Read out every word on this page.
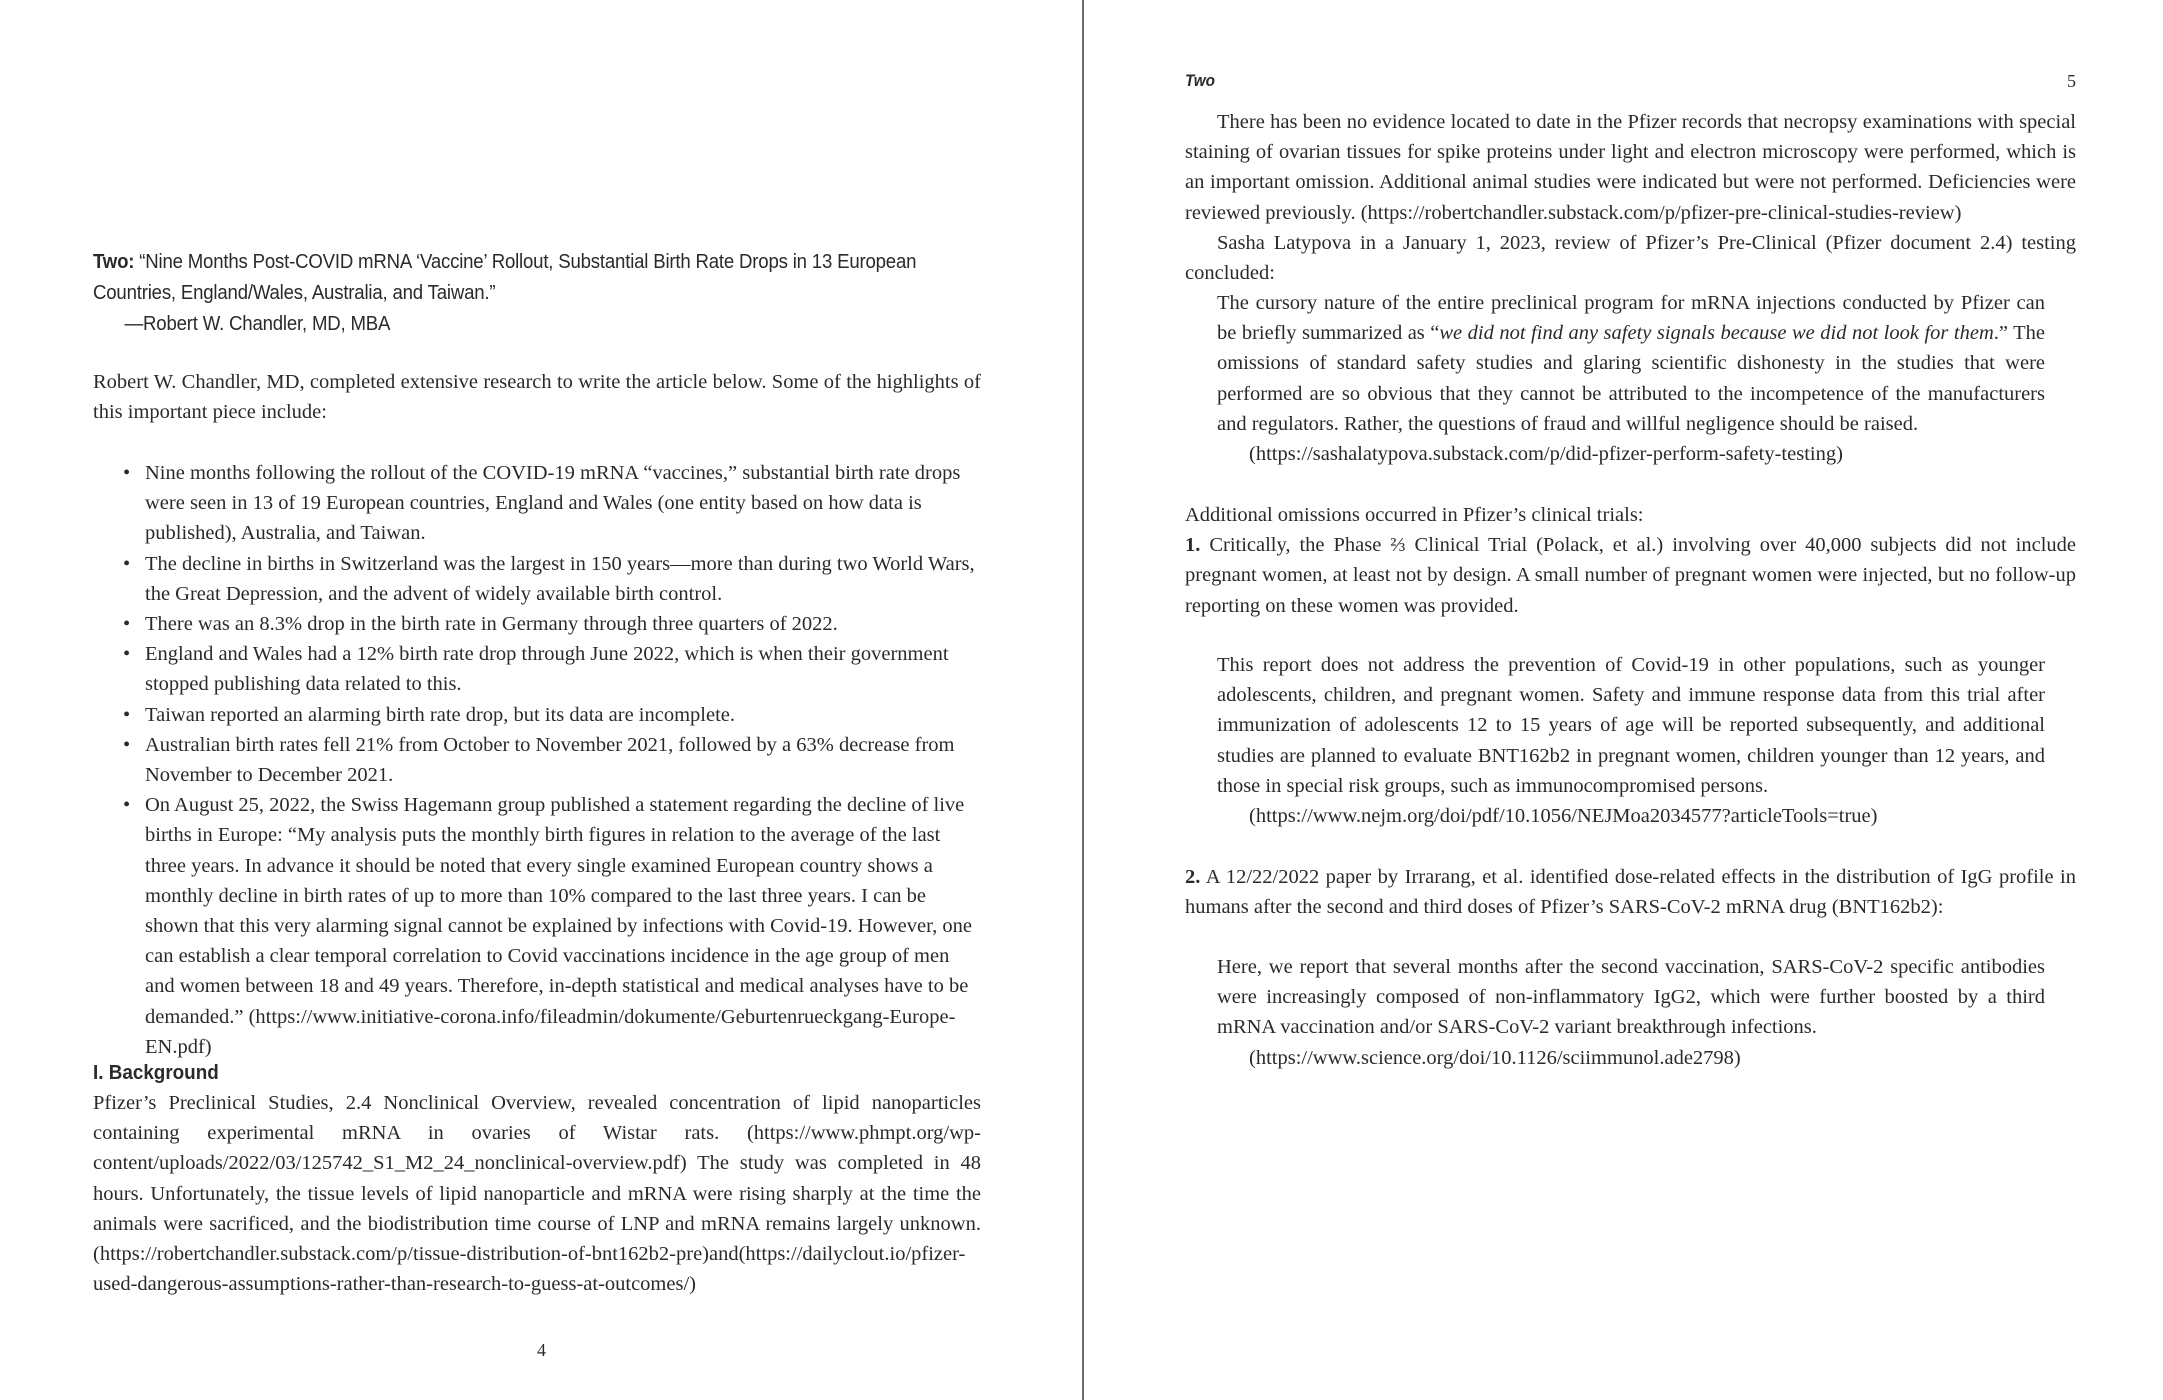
Two: “Nine Months Post-COVID mRNA ‘Vaccine’ Rollout, Substantial Birth Rate Drops in 13 European Countries, England/Wales, Australia, and Taiwan.”
—Robert W. Chandler, MD, MBA

Robert W. Chandler, MD, completed extensive research to write the article below. Some of the highlights of this important piece include:

• Nine months following the rollout of the COVID-19 mRNA “vaccines,” substantial birth rate drops were seen in 13 of 19 European countries, England and Wales (one entity based on how data is published), Australia, and Taiwan.
• The decline in births in Switzerland was the largest in 150 years—more than during two World Wars, the Great Depression, and the advent of widely available birth control.
• There was an 8.3% drop in the birth rate in Germany through three quarters of 2022.
• England and Wales had a 12% birth rate drop through June 2022, which is when their government stopped publishing data related to this.
• Taiwan reported an alarming birth rate drop, but its data are incomplete.
• Australian birth rates fell 21% from October to November 2021, followed by a 63% decrease from November to December 2021.
• On August 25, 2022, the Swiss Hagemann group published a statement regarding the decline of live births in Europe: “My analysis puts the monthly birth figures in relation to the average of the last three years. In advance it should be noted that every single examined European country shows a monthly decline in birth rates of up to more than 10% compared to the last three years. I can be shown that this very alarming signal cannot be explained by infections with Covid-19. However, one can establish a clear temporal correlation to Covid vaccinations incidence in the age group of men and women between 18 and 49 years. Therefore, in-depth statistical and medical analyses have to be demanded.” (https://www.initiative-corona.info/fileadmin/dokumente/Geburtenrueckgang-Europe-EN.pdf)
I. Background

Pfizer’s Preclinical Studies, 2.4 Nonclinical Overview, revealed concentration of lipid nanoparticles containing experimental mRNA in ovaries of Wistar rats. (https://www.phmpt.org/wp-content/uploads/2022/03/125742_S1_M2_24_nonclinical-overview.pdf) The study was completed in 48 hours. Unfortunately, the tissue levels of lipid nanoparticle and mRNA were rising sharply at the time the animals were sacrificed, and the biodistribution time course of LNP and mRNA remains largely unknown. (https://robertchandler.substack.com/p/tissue-distribution-of-bnt162b2-pre)and(https://dailyclout.io/pfizer-used-dangerous-assumptions-rather-than-research-to-guess-at-outcomes/)

4
Two	5

There has been no evidence located to date in the Pfizer records that necropsy examinations with special staining of ovarian tissues for spike proteins under light and electron microscopy were performed, which is an important omission. Additional animal studies were indicated but were not performed. Deficiencies were reviewed previously. (https://robertchandler.substack.com/p/pfizer-pre-clinical-studies-review)

Sasha Latypova in a January 1, 2023, review of Pfizer’s Pre-Clinical (Pfizer document 2.4) testing concluded:

The cursory nature of the entire preclinical program for mRNA injections conducted by Pfizer can be briefly summarized as “we did not find any safety signals because we did not look for them.” The omissions of standard safety studies and glaring scientific dishonesty in the studies that were performed are so obvious that they cannot be attributed to the incompetence of the manufacturers and regulators. Rather, the questions of fraud and willful negligence should be raised.
(https://sashalatypova.substack.com/p/did-pfizer-perform-safety-testing)
Additional omissions occurred in Pfizer’s clinical trials:
1. Critically, the Phase ⅔ Clinical Trial (Polack, et al.) involving over 40,000 subjects did not include pregnant women, at least not by design. A small number of pregnant women were injected, but no follow-up reporting on these women was provided.
This report does not address the prevention of Covid-19 in other populations, such as younger adolescents, children, and pregnant women. Safety and immune response data from this trial after immunization of adolescents 12 to 15 years of age will be reported subsequently, and additional studies are planned to evaluate BNT162b2 in pregnant women, children younger than 12 years, and those in special risk groups, such as immunocompromised persons.
(https://www.nejm.org/doi/pdf/10.1056/NEJMoa2034577?articleTools=true)
2. A 12/22/2022 paper by Irrarang, et al. identified dose-related effects in the distribution of IgG profile in humans after the second and third doses of Pfizer’s SARS-CoV-2 mRNA drug (BNT162b2):
Here, we report that several months after the second vaccination, SARS-CoV-2 specific antibodies were increasingly composed of non-inflammatory IgG2, which were further boosted by a third mRNA vaccination and/or SARS-CoV-2 variant breakthrough infections.
(https://www.science.org/doi/10.1126/sciimmunol.ade2798)
